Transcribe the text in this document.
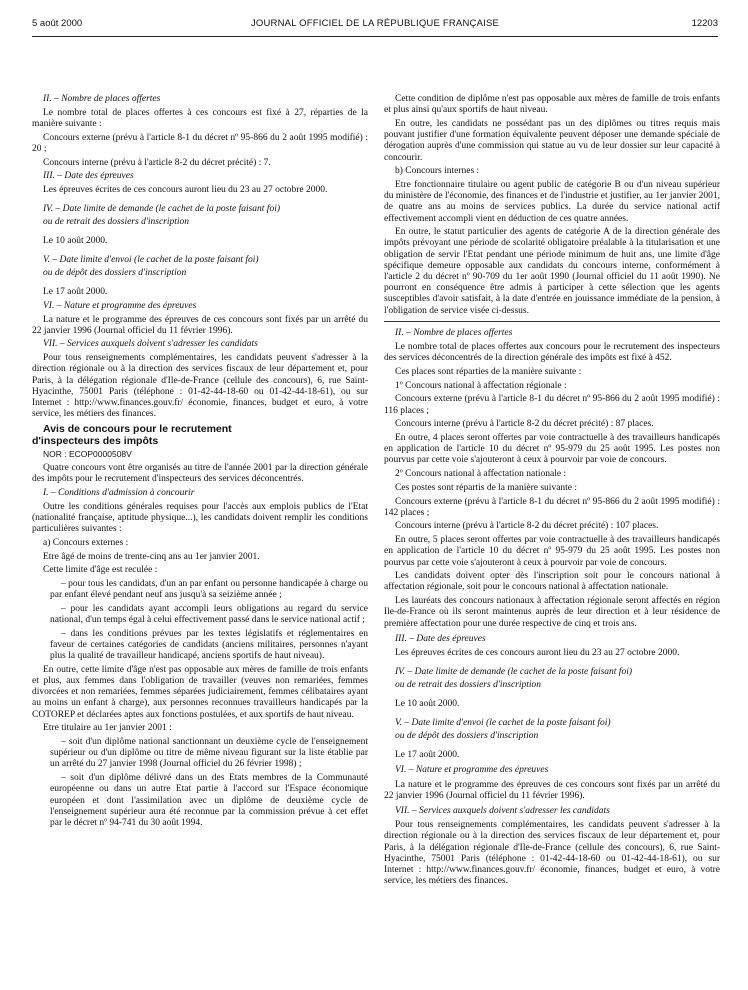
5 août 2000	JOURNAL OFFICIEL DE LA RÉPUBLIQUE FRANÇAISE	12203

II. – Nombre de places offertes

Le nombre total de places offertes à ces concours est fixé à 27, réparties de la manière suivante :

Concours externe (prévu à l'article 8-1 du décret nº 95-866 du 2 août 1995 modifié) : 20 ;

Concours interne (prévu à l'article 8-2 du décret précité) : 7.

III. – Date des épreuves

Les épreuves écrites de ces concours auront lieu du 23 au 27 octobre 2000.

IV. – Date limite de demande (le cachet de la poste faisant foi)

ou de retrait des dossiers d'inscription

Le 10 août 2000.

V. – Date limite d'envoi (le cachet de la poste faisant foi)

ou de dépôt des dossiers d'inscription

Le 17 août 2000.

VI. – Nature et programme des épreuves

La nature et le programme des épreuves de ces concours sont fixés par un arrêté du 22 janvier 1996 (Journal officiel du 11 février 1996).

VII. – Services auxquels doivent s'adresser les candidats

Pour tous renseignements complémentaires, les candidats peuvent s'adresser à la direction régionale ou à la direction des services fiscaux de leur département et, pour Paris, à la délégation régionale d'Ile-de-France (cellule des concours), 6, rue Saint-Hyacinthe, 75001 Paris (téléphone : 01-42-44-18-60 ou 01-42-44-18-61), ou sur Internet : http://www.finances.gouv.fr/ économie, finances, budget et euro, à votre service, les métiers des finances.

Avis de concours pour le recrutement
d'inspecteurs des impôts

NOR : ECOP0000508V

Quatre concours vont être organisés au titre de l'année 2001 par la direction générale des impôts pour le recrutement d'inspecteurs des services déconcentrés.

I. – Conditions d'admission à concourir

Outre les conditions générales requises pour l'accès aux emplois publics de l'Etat (nationalité française, aptitude physique...), les candidats doivent remplir les conditions particulières suivantes :

a) Concours externes :

Etre âgé de moins de trente-cinq ans au 1er janvier 2001.

Cette limite d'âge est reculée :

– pour tous les candidats, d'un an par enfant ou personne handicapée à charge ou par enfant élevé pendant neuf ans jusqu'à sa seizième année ;

– pour les candidats ayant accompli leurs obligations au regard du service national, d'un temps égal à celui effectivement passé dans le service national actif ;

– dans les conditions prévues par les textes législatifs et réglementaires en faveur de certaines catégories de candidats (anciens militaires, personnes n'ayant plus la qualité de travailleur handicapé, anciens sportifs de haut niveau).

En outre, cette limite d'âge n'est pas opposable aux mères de famille de trois enfants et plus, aux femmes dans l'obligation de travailler (veuves non remariées, femmes divorcées et non remariées, femmes séparées judiciairement, femmes célibataires ayant au moins un enfant à charge), aux personnes reconnues travailleurs handicapés par la COTOREP et déclarées aptes aux fonctions postulées, et aux sportifs de haut niveau.

Etre titulaire au 1er janvier 2001 :

– soit d'un diplôme national sanctionnant un deuxième cycle de l'enseignement supérieur ou d'un diplôme ou titre de même niveau figurant sur la liste établie par un arrêté du 27 janvier 1998 (Journal officiel du 26 février 1998) ;

– soit d'un diplôme délivré dans un des Etats membres de la Communauté européenne ou dans un autre Etat partie à l'accord sur l'Espace économique européen et dont l'assimilation avec un diplôme de deuxième cycle de l'enseignement supérieur aura été reconnue par la commission prévue à cet effet par le décret nº 94-741 du 30 août 1994.

Cette condition de diplôme n'est pas opposable aux mères de famille de trois enfants et plus ainsi qu'aux sportifs de haut niveau.

En outre, les candidats ne possédant pas un des diplômes ou titres requis mais pouvant justifier d'une formation équivalente peuvent déposer une demande spéciale de dérogation auprès d'une commission qui statue au vu de leur dossier sur leur capacité à concourir.

b) Concours internes :

Etre fonctionnaire titulaire ou agent public de catégorie B ou d'un niveau supérieur du ministère de l'économie, des finances et de l'industrie et justifier, au 1er janvier 2001, de quatre ans au moins de services publics. La durée du service national actif effectivement accompli vient en déduction de ces quatre années.

En outre, le statut particulier des agents de catégorie A de la direction générale des impôts prévoyant une période de scolarité obligatoire préalable à la titularisation et une obligation de servir l'Etat pendant une période minimum de huit ans, une limite d'âge spécifique demeure opposable aux candidats du concours interne, conformément à l'article 2 du décret nº 90-709 du 1er août 1990 (Journal officiel du 11 août 1990). Ne pourront en conséquence être admis à participer à cette sélection que les agents susceptibles d'avoir satisfait, à la date d'entrée en jouissance immédiate de la pension, à l'obligation de service visée ci-dessus.

II. – Nombre de places offertes

Le nombre total de places offertes aux concours pour le recrutement des inspecteurs des services déconcentrés de la direction générale des impôts est fixé à 452.

Ces places sont réparties de la manière suivante :

1º Concours national à affectation régionale :

Concours externe (prévu à l'article 8-1 du décret nº 95-866 du 2 août 1995 modifié) : 116 places ;

Concours interne (prévu à l'article 8-2 du décret précité) : 87 places.

En outre, 4 places seront offertes par voie contractuelle à des travailleurs handicapés en application de l'article 10 du décret nº 95-979 du 25 août 1995. Les postes non pourvus par cette voie s'ajouteront à ceux à pourvoir par voie de concours.

2º Concours national à affectation nationale :

Ces postes sont répartis de la manière suivante :

Concours externe (prévu à l'article 8-1 du décret nº 95-866 du 2 août 1995 modifié) : 142 places ;

Concours interne (prévu à l'article 8-2 du décret précité) : 107 places.

En outre, 5 places seront offertes par voie contractuelle à des travailleurs handicapés en application de l'article 10 du décret nº 95-979 du 25 août 1995. Les postes non pourvus par cette voie s'ajouteront à ceux à pourvoir par voie de concours.

Les candidats doivent opter dès l'inscription soit pour le concours national à affectation régionale, soit pour le concours national à affectation nationale.

Les lauréats des concours nationaux à affectation régionale seront affectés en région Ile-de-France où ils seront maintenus auprès de leur direction et à leur résidence de première affectation pour une durée respective de cinq et trois ans.

III. – Date des épreuves

Les épreuves écrites de ces concours auront lieu du 23 au 27 octobre 2000.

IV. – Date limite de demande (le cachet de la poste faisant foi)

ou de retrait des dossiers d'inscription

Le 10 août 2000.

V. – Date limite d'envoi (le cachet de la poste faisant foi)

ou de dépôt des dossiers d'inscription

Le 17 août 2000.

VI. – Nature et programme des épreuves

La nature et le programme des épreuves de ces concours sont fixés par un arrêté du 22 janvier 1996 (Journal officiel du 11 février 1996).

VII. – Services auxquels doivent s'adresser les candidats

Pour tous renseignements complémentaires, les candidats peuvent s'adresser à la direction régionale ou à la direction des services fiscaux de leur département et, pour Paris, à la délégation régionale d'Ile-de-France (cellule des concours), 6, rue Saint-Hyacinthe, 75001 Paris (téléphone : 01-42-44-18-60 ou 01-42-44-18-61), ou sur Internet : http://www.finances.gouv.fr/ économie, finances, budget et euro, à votre service, les métiers des finances.
